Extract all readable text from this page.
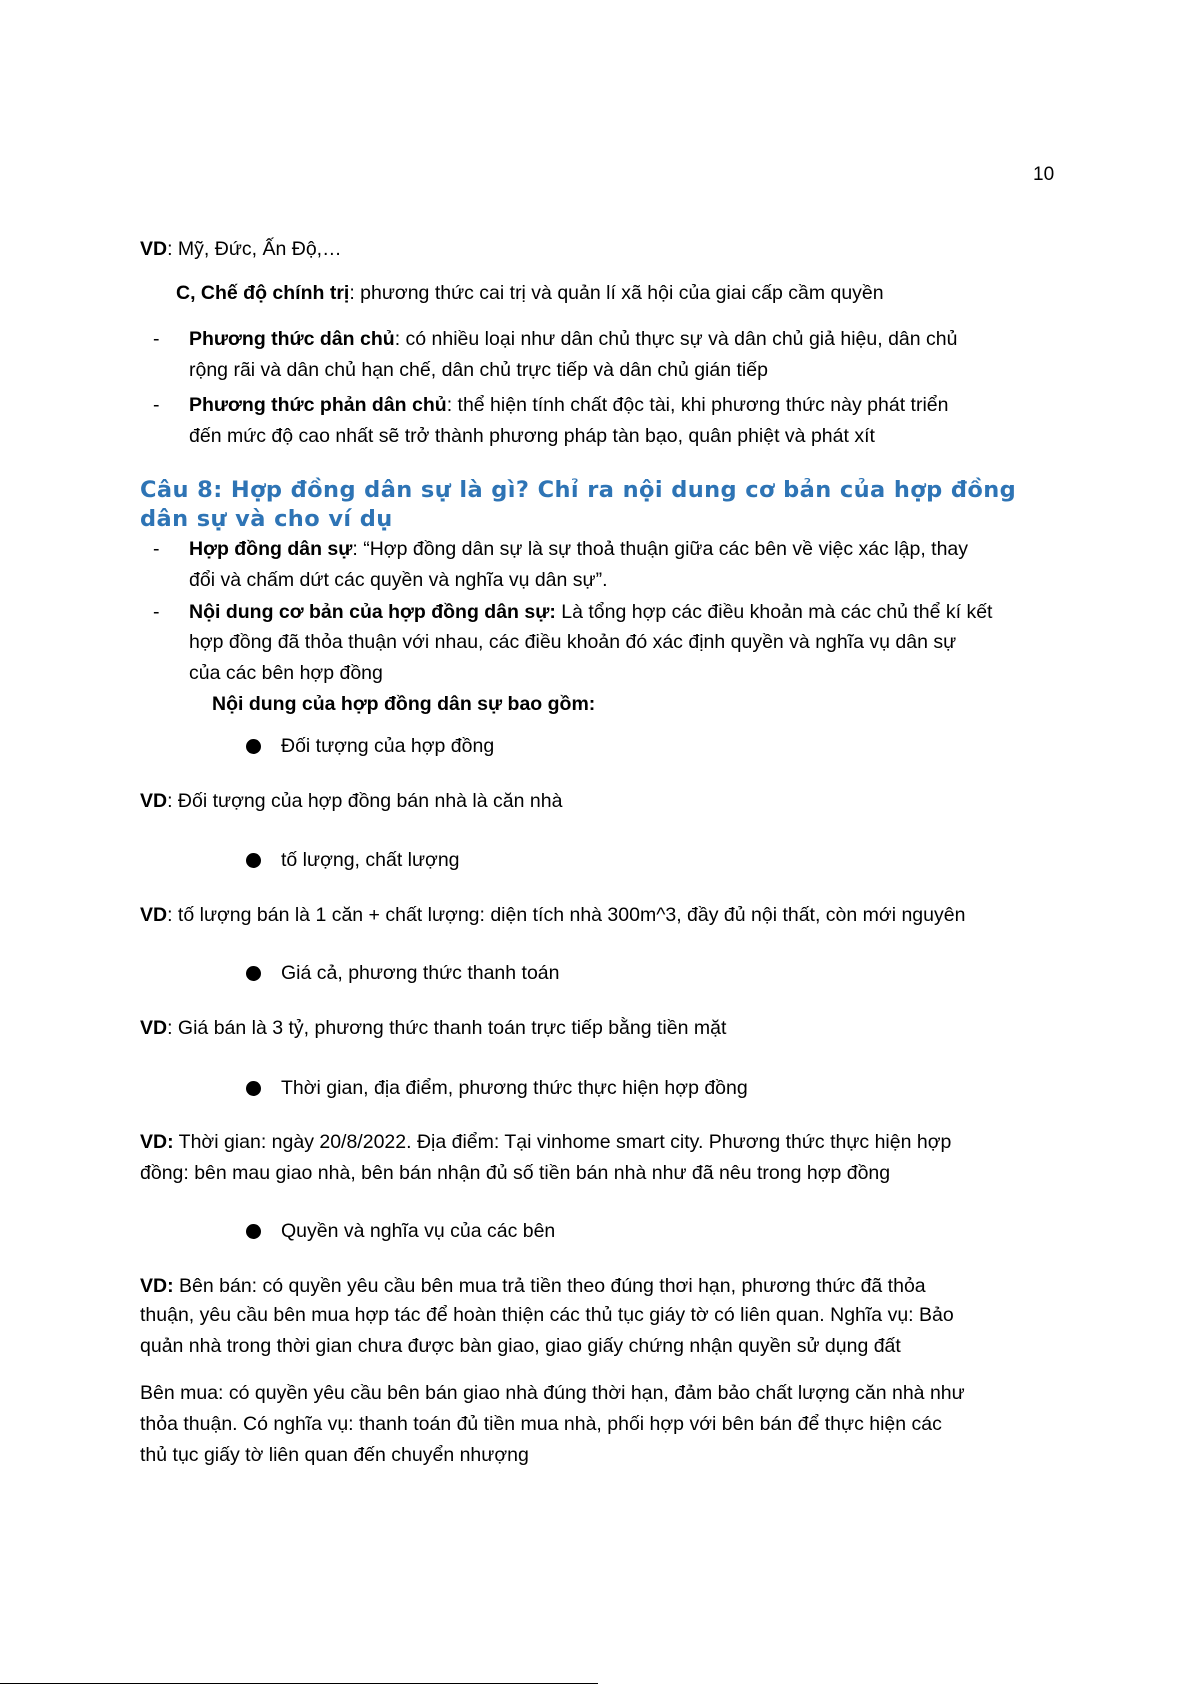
10
VD: Mỹ, Đức, Ấn Độ,…
C, Chế độ chính trị: phương thức cai trị và quản lí xã hội của giai cấp cầm quyền
- Phương thức dân chủ: có nhiều loại như dân chủ thực sự và dân chủ giả hiệu, dân chủ
rộng rãi và dân chủ hạn chế, dân chủ trực tiếp và dân chủ gián tiếp
- Phương thức phản dân chủ: thể hiện tính chất độc tài, khi phương thức này phát triển
đến mức độ cao nhất sẽ trở thành phương pháp tàn bạo, quân phiệt và phát xít
Câu 8: Hợp đồng dân sự là gì? Chỉ ra nội dung cơ bản của hợp đồng
dân sự và cho ví dụ
- Hợp đồng dân sự: “Hợp đồng dân sự là sự thoả thuận giữa các bên về việc xác lập, thay
đổi và chấm dứt các quyền và nghĩa vụ dân sự”.
- Nội dung cơ bản của hợp đồng dân sự: Là tổng hợp các điều khoản mà các chủ thể kí kết
hợp đồng đã thỏa thuận với nhau, các điều khoản đó xác định quyền và nghĩa vụ dân sự
của các bên hợp đồng
Nội dung của hợp đồng dân sự bao gồm:
Đối tượng của hợp đồng
VD: Đối tượng của hợp đồng bán nhà là căn nhà
tố lượng, chất lượng
VD: tố lượng bán là 1 căn + chất lượng: diện tích nhà 300m^3, đầy đủ nội thất, còn mới nguyên
Giá cả, phương thức thanh toán
VD: Giá bán là 3 tỷ, phương thức thanh toán trực tiếp bằng tiền mặt
Thời gian, địa điểm, phương thức thực hiện hợp đồng
VD: Thời gian: ngày 20/8/2022. Địa điểm: Tại vinhome smart city. Phương thức thực hiện hợp
đồng: bên mau giao nhà, bên bán nhận đủ số tiền bán nhà như đã nêu trong hợp đồng
Quyền và nghĩa vụ của các bên
VD: Bên bán: có quyền yêu cầu bên mua trả tiền theo đúng thơi hạn, phương thức đã thỏa
thuận, yêu cầu bên mua hợp tác để hoàn thiện các thủ tục giáy tờ có liên quan. Nghĩa vụ: Bảo
quản nhà trong thời gian chưa được bàn giao, giao giấy chứng nhận quyền sử dụng đất
Bên mua: có quyền yêu cầu bên bán giao nhà đúng thời hạn, đảm bảo chất lượng căn nhà như
thỏa thuận. Có nghĩa vụ: thanh toán đủ tiền mua nhà, phối hợp với bên bán để thực hiện các
thủ tục giấy tờ liên quan đến chuyển nhượng
